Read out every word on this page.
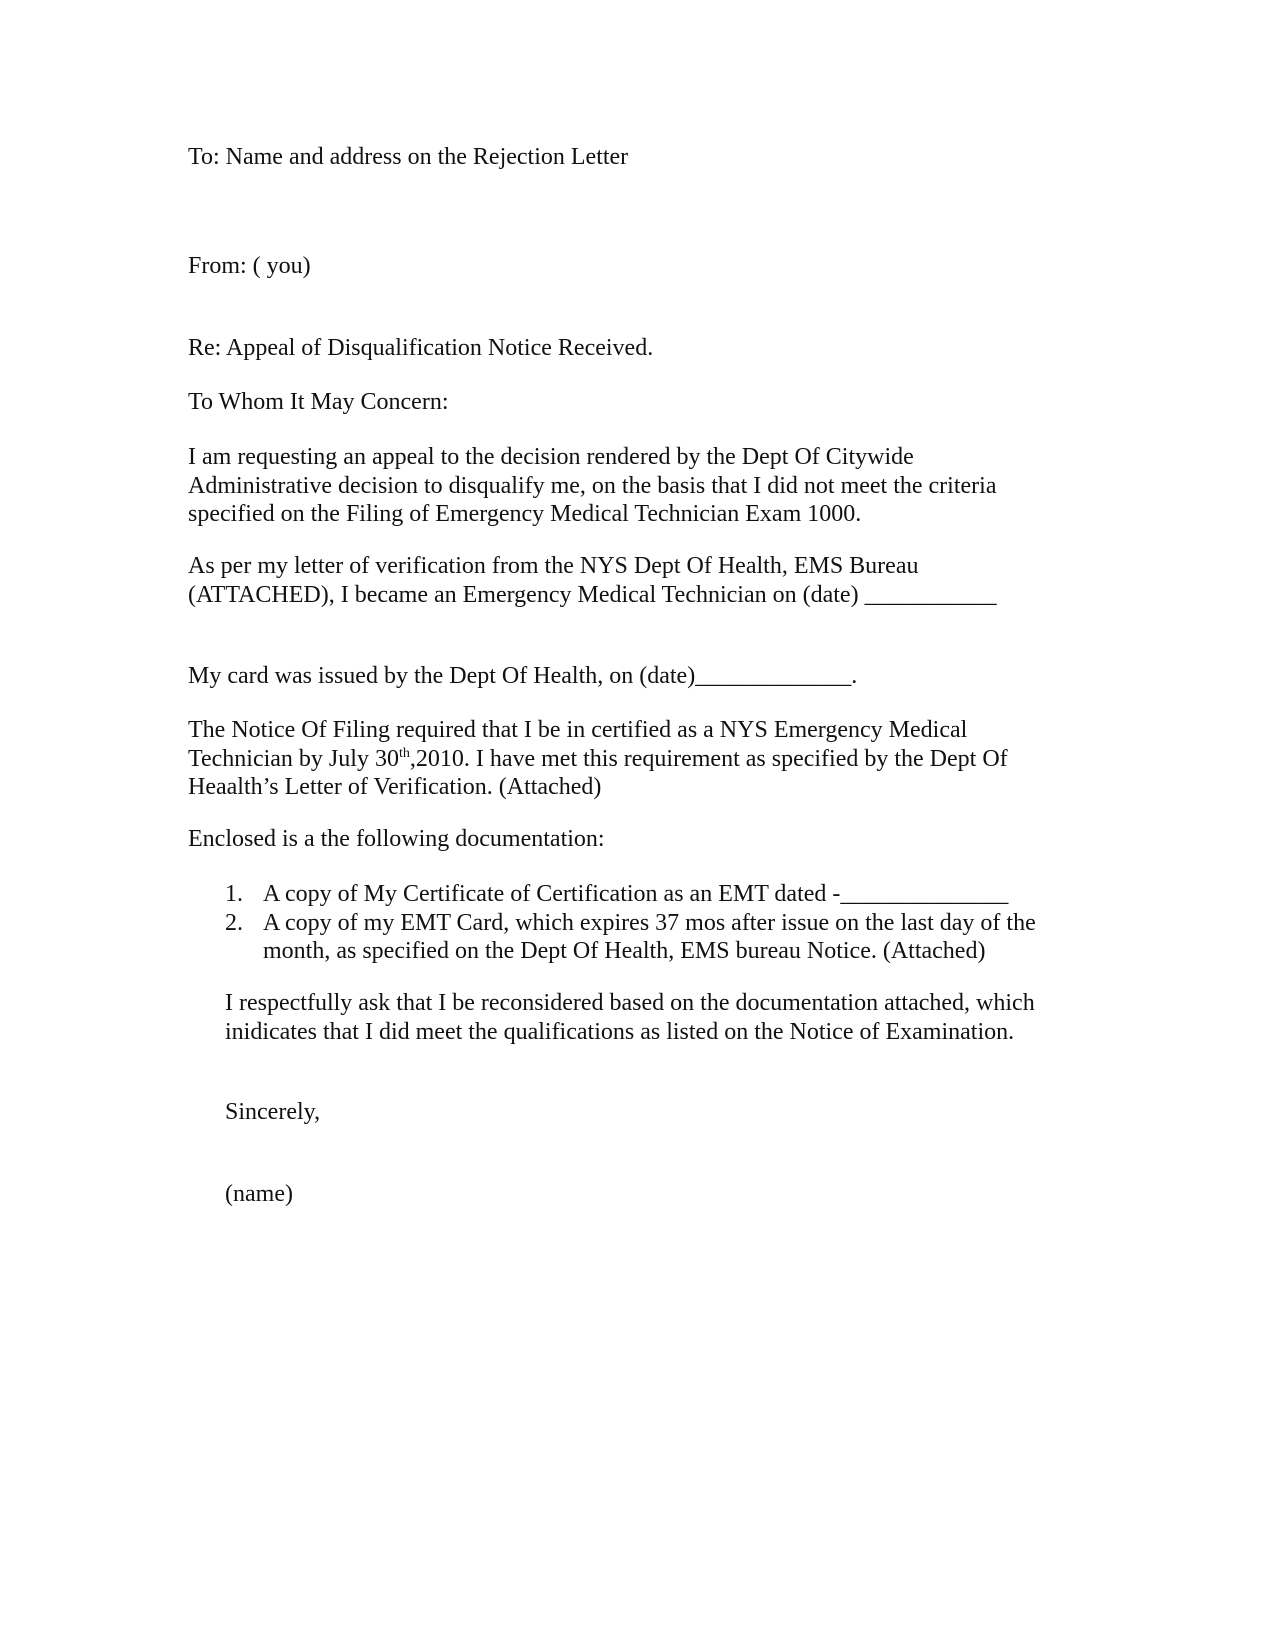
To: Name and address on the Rejection Letter
From: ( you)
Re: Appeal of Disqualification Notice Received.
To Whom It May Concern:
I am requesting an appeal to the decision rendered by the Dept Of Citywide
Administrative decision to disqualify me, on the basis that I did not meet the criteria
specified on the Filing of Emergency Medical Technician Exam 1000.
As per my letter of verification from the NYS Dept Of Health, EMS Bureau
(ATTACHED), I became an Emergency Medical Technician on (date) ___________
My card was issued by the Dept Of Health, on (date)_____________.
The Notice Of Filing required that I be in certified as a NYS Emergency Medical
Technician by July 30th,2010. I have met this requirement as specified by the Dept Of
Heaalth’s Letter of Verification. (Attached)
Enclosed is a the following documentation:
1. A copy of My Certificate of Certification as an EMT dated -______________
2. A copy of my EMT Card, which expires 37 mos after issue on the last day of the
month, as specified on the Dept Of Health, EMS bureau Notice. (Attached)
I respectfully ask that I be reconsidered based on the documentation attached, which
inidicates that I did meet the qualifications as listed on the Notice of Examination.
Sincerely,
(name)
